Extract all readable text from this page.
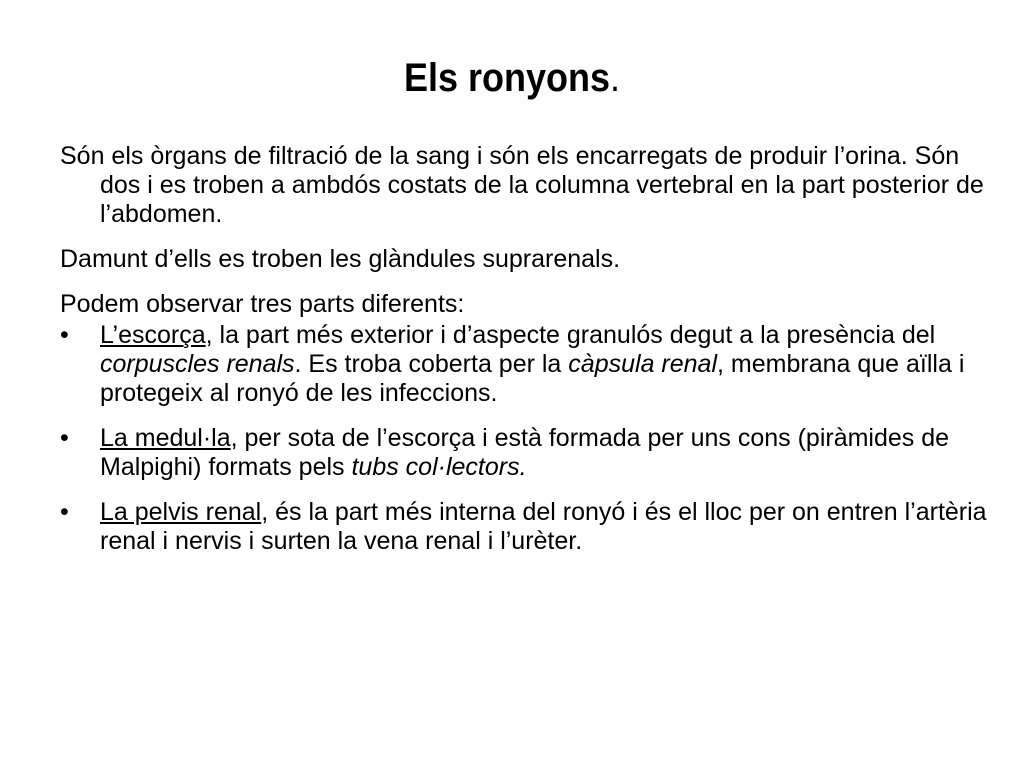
Els ronyons.

Són els òrgans de filtració de la sang i són els encarregats de produir l’orina. Són dos i es troben a ambdós costats de la columna vertebral en la part posterior de l’abdomen.

Damunt d’ells es troben les glàndules suprarenals.

Podem observar tres parts diferents:

•	L’escorça, la part més exterior i d’aspecte granulós degut a la presència del corpuscles renals. Es troba coberta per la càpsula renal, membrana que aïlla i protegeix al ronyó de les infeccions.
•	La medul·la, per sota de l’escorça i està formada per uns cons (piràmides de Malpighi) formats pels tubs col·lectors.
•	La pelvis renal, és la part més interna del ronyó i és el lloc per on entren l’artèria renal i nervis i surten la vena renal i l’urèter.
